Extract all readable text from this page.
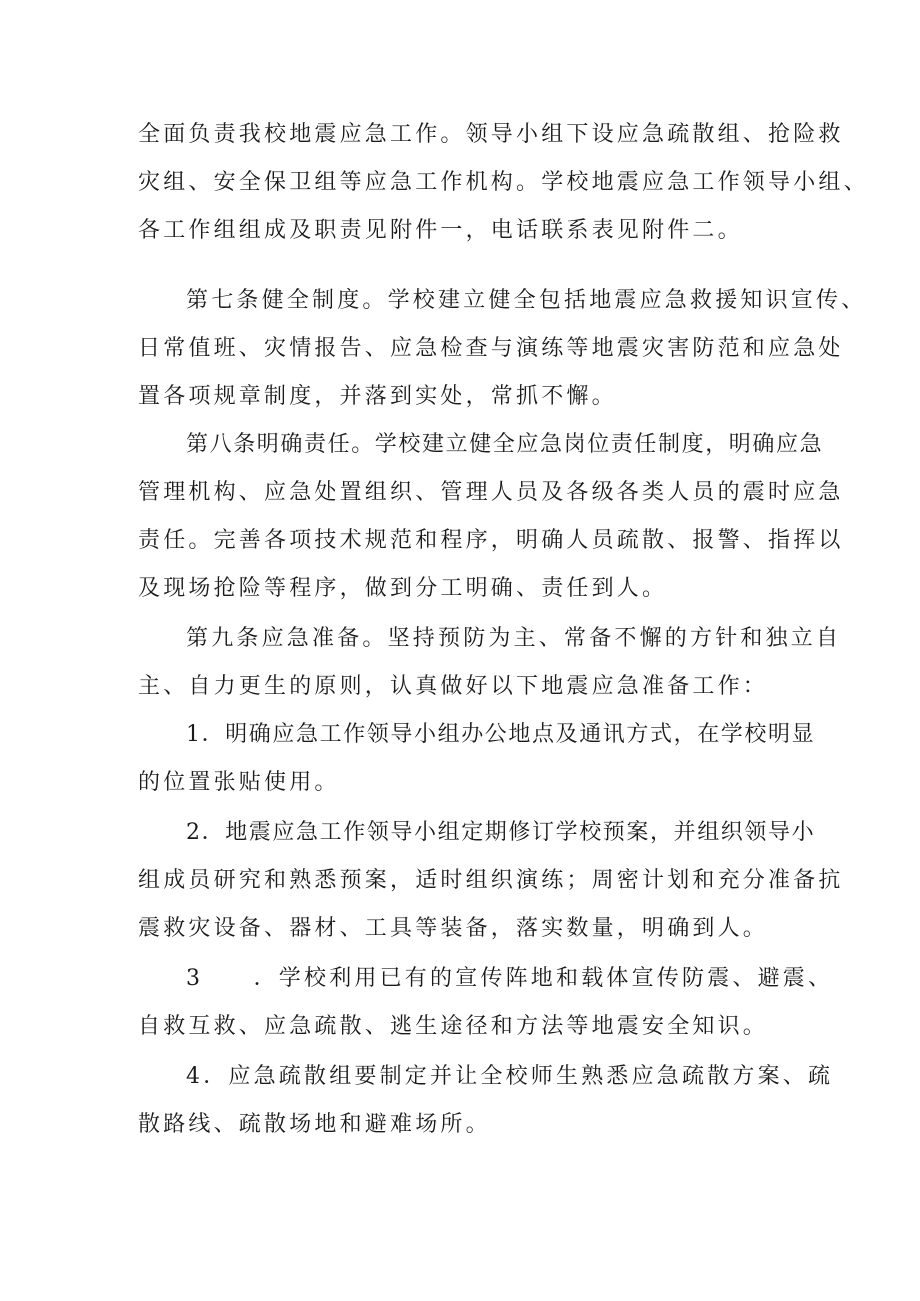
全面负责我校地震应急工作。领导小组下设应急疏散组、抢险救
灾组、安全保卫组等应急工作机构。学校地震应急工作领导小组、
各工作组组成及职责见附件一，电话联系表见附件二。
第七条健全制度。学校建立健全包括地震应急救援知识宣传、
日常值班、灾情报告、应急检查与演练等地震灾害防范和应急处
置各项规章制度，并落到实处，常抓不懈。
第八条明确责任。学校建立健全应急岗位责任制度，明确应急
管理机构、应急处置组织、管理人员及各级各类人员的震时应急
责任。完善各项技术规范和程序，明确人员疏散、报警、指挥以
及现场抢险等程序，做到分工明确、责任到人。
第九条应急准备。坚持预防为主、常备不懈的方针和独立自
主、自力更生的原则，认真做好以下地震应急准备工作：
1．明确应急工作领导小组办公地点及通讯方式，在学校明显
的位置张贴使用。
2．地震应急工作领导小组定期修订学校预案，并组织领导小
组成员研究和熟悉预案，适时组织演练；周密计划和充分准备抗
震救灾设备、器材、工具等装备，落实数量，明确到人。
3　　．学校利用已有的宣传阵地和载体宣传防震、避震、
自救互救、应急疏散、逃生途径和方法等地震安全知识。
4．应急疏散组要制定并让全校师生熟悉应急疏散方案、疏
散路线、疏散场地和避难场所。
